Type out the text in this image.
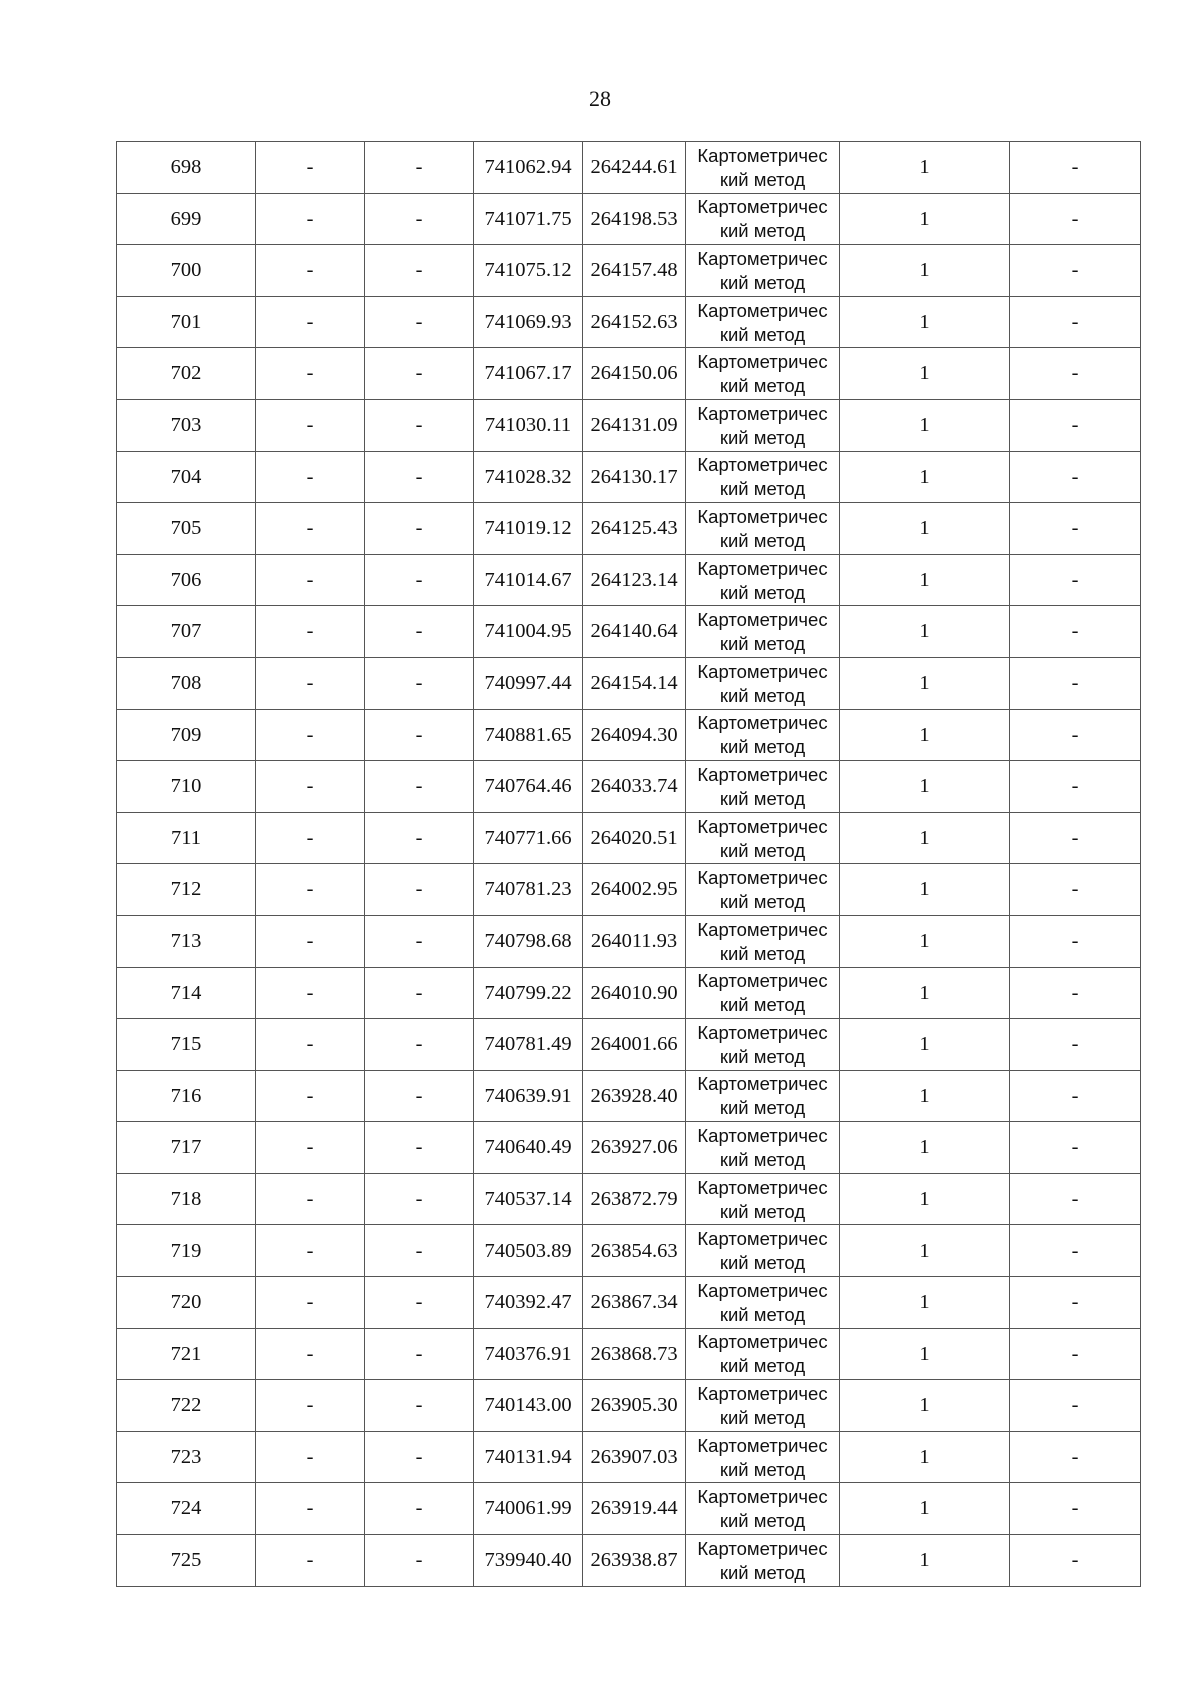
28
698	-	-	741062.94	264244.61	Картометричес
кий метод	1	-
699	-	-	741071.75	264198.53	Картометричес
кий метод	1	-
700	-	-	741075.12	264157.48	Картометричес
кий метод	1	-
701	-	-	741069.93	264152.63	Картометричес
кий метод	1	-
702	-	-	741067.17	264150.06	Картометричес
кий метод	1	-
703	-	-	741030.11	264131.09	Картометричес
кий метод	1	-
704	-	-	741028.32	264130.17	Картометричес
кий метод	1	-
705	-	-	741019.12	264125.43	Картометричес
кий метод	1	-
706	-	-	741014.67	264123.14	Картометричес
кий метод	1	-
707	-	-	741004.95	264140.64	Картометричес
кий метод	1	-
708	-	-	740997.44	264154.14	Картометричес
кий метод	1	-
709	-	-	740881.65	264094.30	Картометричес
кий метод	1	-
710	-	-	740764.46	264033.74	Картометричес
кий метод	1	-
711	-	-	740771.66	264020.51	Картометричес
кий метод	1	-
712	-	-	740781.23	264002.95	Картометричес
кий метод	1	-
713	-	-	740798.68	264011.93	Картометричес
кий метод	1	-
714	-	-	740799.22	264010.90	Картометричес
кий метод	1	-
715	-	-	740781.49	264001.66	Картометричес
кий метод	1	-
716	-	-	740639.91	263928.40	Картометричес
кий метод	1	-
717	-	-	740640.49	263927.06	Картометричес
кий метод	1	-
718	-	-	740537.14	263872.79	Картометричес
кий метод	1	-
719	-	-	740503.89	263854.63	Картометричес
кий метод	1	-
720	-	-	740392.47	263867.34	Картометричес
кий метод	1	-
721	-	-	740376.91	263868.73	Картометричес
кий метод	1	-
722	-	-	740143.00	263905.30	Картометричес
кий метод	1	-
723	-	-	740131.94	263907.03	Картометричес
кий метод	1	-
724	-	-	740061.99	263919.44	Картометричес
кий метод	1	-
725	-	-	739940.40	263938.87	Картометричес
кий метод	1	-
